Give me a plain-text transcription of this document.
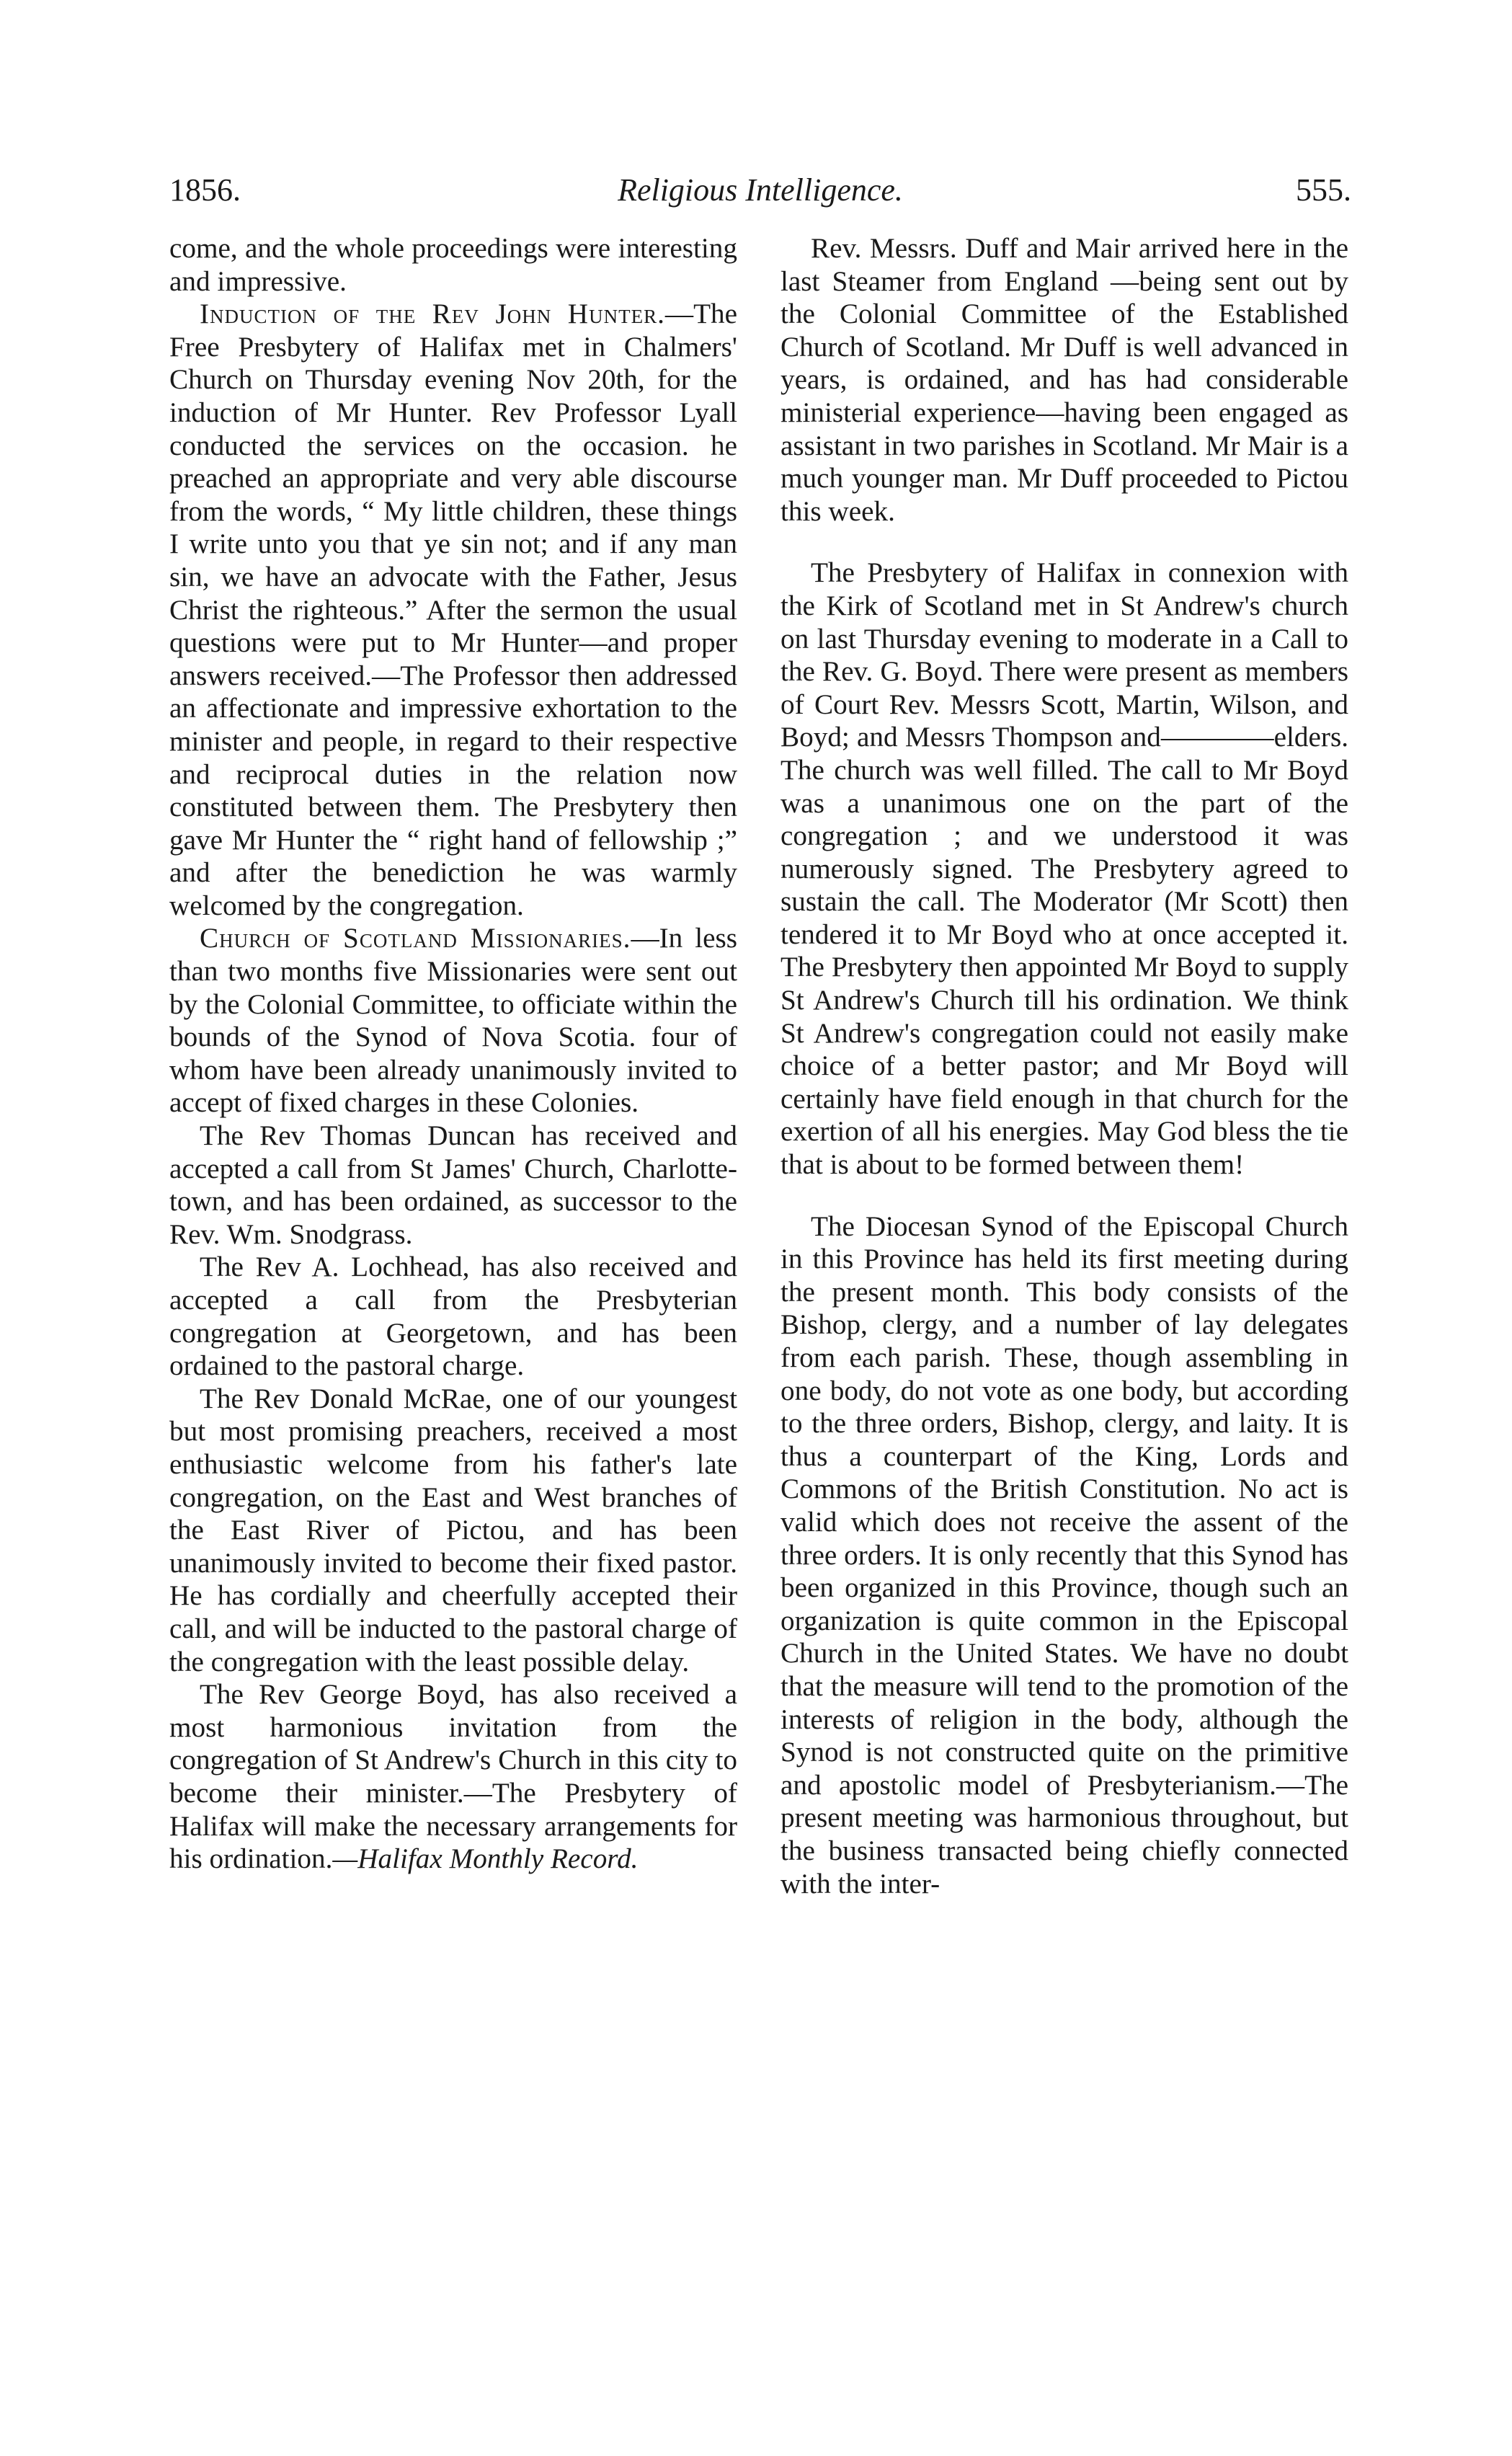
1856.	Religious Intelligence.	555.

come, and the whole proceedings were interesting and impressive.

Induction of the Rev John Hunter.—The Free Presbytery of Halifax met in Chalmers' Church on Thursday evening Nov 20th, for the induction of Mr Hunter. Rev Professor Lyall conducted the services on the occasion. he preached an appropriate and very able discourse from the words, “ My little children, these things I write unto you that ye sin not; and if any man sin, we have an advocate with the Father, Jesus Christ the righteous.” After the sermon the usual questions were put to Mr Hunter—and proper answers received.—The Professor then addressed an affectionate and impressive exhortation to the minister and people, in regard to their respective and reciprocal duties in the relation now constituted between them. The Presbytery then gave Mr Hunter the “ right hand of fellowship ;” and after the benediction he was warmly welcomed by the congregation.

Church of Scotland Missionaries.—In less than two months five Missionaries were sent out by the Colonial Committee, to officiate within the bounds of the Synod of Nova Scotia. four of whom have been already unanimously invited to accept of fixed charges in these Colonies.

The Rev Thomas Duncan has received and accepted a call from St James' Church, Charlotte-town, and has been ordained, as successor to the Rev. Wm. Snodgrass.

The Rev A. Lochhead, has also received and accepted a call from the Presbyterian congregation at Georgetown, and has been ordained to the pastoral charge.

The Rev Donald McRae, one of our youngest but most promising preachers, received a most enthusiastic welcome from his father's late congregation, on the East and West branches of the East River of Pictou, and has been unanimously invited to become their fixed pastor. He has cordially and cheerfully accepted their call, and will be inducted to the pastoral charge of the congregation with the least possible delay.

The Rev George Boyd, has also received a most harmonious invitation from the congregation of St Andrew's Church in this city to become their minister.—The Presbytery of Halifax will make the necessary arrangements for his ordination.—Halifax Monthly Record.

Rev. Messrs. Duff and Mair arrived here in the last Steamer from England —being sent out by the Colonial Committee of the Established Church of Scotland. Mr Duff is well advanced in years, is ordained, and has had considerable ministerial experience—having been engaged as assistant in two parishes in Scotland. Mr Mair is a much younger man. Mr Duff proceeded to Pictou this week.

The Presbytery of Halifax in connexion with the Kirk of Scotland met in St Andrew's church on last Thursday evening to moderate in a Call to the Rev. G. Boyd. There were present as members of Court Rev. Messrs Scott, Martin, Wilson, and Boyd; and Messrs Thompson and————elders. The church was well filled. The call to Mr Boyd was a unanimous one on the part of the congregation ; and we understood it was numerously signed. The Presbytery agreed to sustain the call. The Moderator (Mr Scott) then tendered it to Mr Boyd who at once accepted it. The Presbytery then appointed Mr Boyd to supply St Andrew's Church till his ordination. We think St Andrew's congregation could not easily make choice of a better pastor; and Mr Boyd will certainly have field enough in that church for the exertion of all his energies. May God bless the tie that is about to be formed between them!

The Diocesan Synod of the Episcopal Church in this Province has held its first meeting during the present month. This body consists of the Bishop, clergy, and a number of lay delegates from each parish. These, though assembling in one body, do not vote as one body, but according to the three orders, Bishop, clergy, and laity. It is thus a counterpart of the King, Lords and Commons of the British Constitution. No act is valid which does not receive the assent of the three orders. It is only recently that this Synod has been organized in this Province, though such an organization is quite common in the Episcopal Church in the United States. We have no doubt that the measure will tend to the promotion of the interests of religion in the body, although the Synod is not constructed quite on the primitive and apostolic model of Presbyterianism.—The present meeting was harmonious throughout, but the business transacted being chiefly connected with the inter-
